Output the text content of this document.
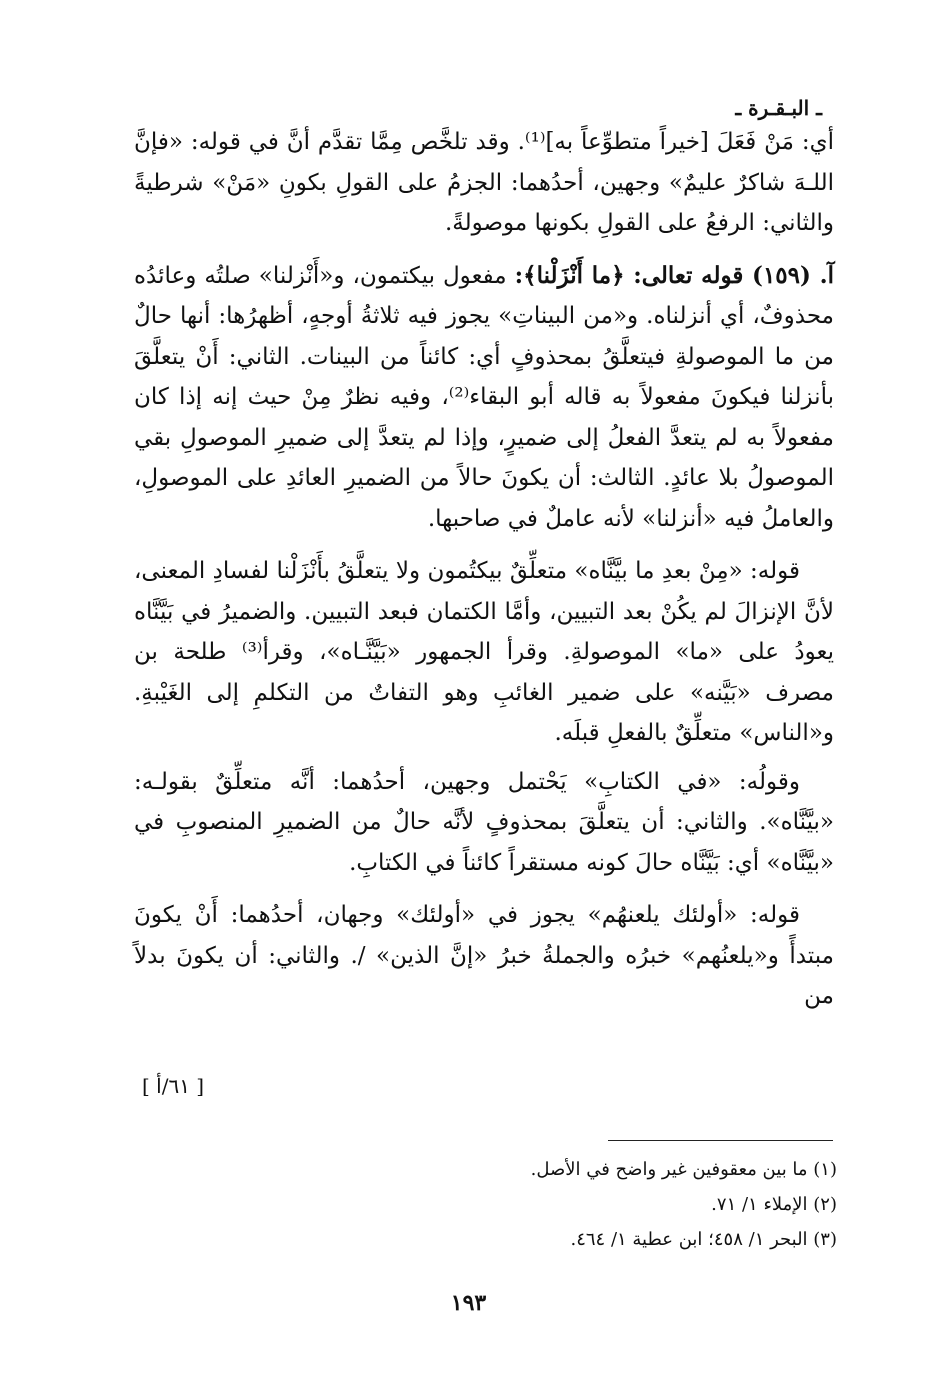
ـ البـقـرة ـ

أي: مَنْ فَعَلَ [خيراً متطوِّعاً به]⁽¹⁾. وقد تلخَّص مِمَّا تقدَّم أنَّ في قوله: «فإنَّ اللـهَ شاكرٌ عليمٌ» وجهين، أحدُهما: الجزمُ على القولِ بكونِ «مَنْ» شرطيةً والثاني: الرفعُ على القولِ بكونها موصولةً.

آ. (١٥٩) قوله تعالى: ﴿ما أَنْزَلْنا﴾: مفعول بيكتمون، و«أَنْزلنا» صلتُه وعائدُه محذوفٌ، أي أنزلناه. و«من البيناتِ» يجوز فيه ثلاثةُ أوجهٍ، أظهرُها: أنها حالٌ من ما الموصولةِ فيتعلَّقُ بمحذوفٍ أي: كائناً من البينات. الثاني: أَنْ يتعلَّقَ بأنزلنا فيكونَ مفعولاً به قاله أبو البقاء⁽²⁾، وفيه نظرٌ مِنْ حيث إنه إذا كان مفعولاً به لم يتعدَّ الفعلُ إلى ضميرٍ، وإذا لم يتعدَّ إلى ضميرِ الموصولِ بقي الموصولُ بلا عائدٍ. الثالث: أن يكونَ حالاً من الضميرِ العائدِ على الموصولِ، والعاملُ فيه «أنزلنا» لأنه عاملٌ في صاحبها.

قوله: «مِنْ بعدِ ما بيَّنَّاه» متعلِّقٌ بيكتُمون ولا يتعلَّقُ بأَنْزَلْنا لفسادِ المعنى، لأنَّ الإنزالَ لم يكُنْ بعد التبيين، وأمَّا الكتمان فبعد التبيين. والضميرُ في بَيَّنَّاه يعودُ على «ما» الموصولةِ. وقرأ الجمهور «بَيَّنَّـاه»، وقرأ⁽³⁾ طلحة بن مصرف «بَيَّنه» على ضمير الغائبِ وهو التفاتٌ من التكلمِ إلى الغَيْبةِ. و«الناس» متعلِّقٌ بالفعلِ قبلَه.

وقولُه: «في الكتابِ» يَحْتمل وجهين، أحدُهما: أنَّه متعلِّقٌ بقولـه: «بيَّنَّاه». والثاني: أن يتعلَّقَ بمحذوفٍ لأنَّه حالٌ من الضميرِ المنصوبِ في «بيَّنَّاه» أي: بَيَّنَّاه حالَ كونه مستقراً كائناً في الكتابِ.

قوله: «أولئك يلعنهُم» يجوز في «أولئك» وجهان، أحدُهما: أَنْ يكونَ مبتدأً و«يلعنُهم» خبرُه والجملةُ خبرُ «إنَّ الذين» /. والثاني: أن يكونَ بدلاً من

[ ٦١/أ ]

(١) ما بين معقوفين غير واضح في الأصل.

(٢) الإملاء ١/ ٧١.

(٣) البحر ١/ ٤٥٨؛ ابن عطية ١/ ٤٦٤.

١٩٣
